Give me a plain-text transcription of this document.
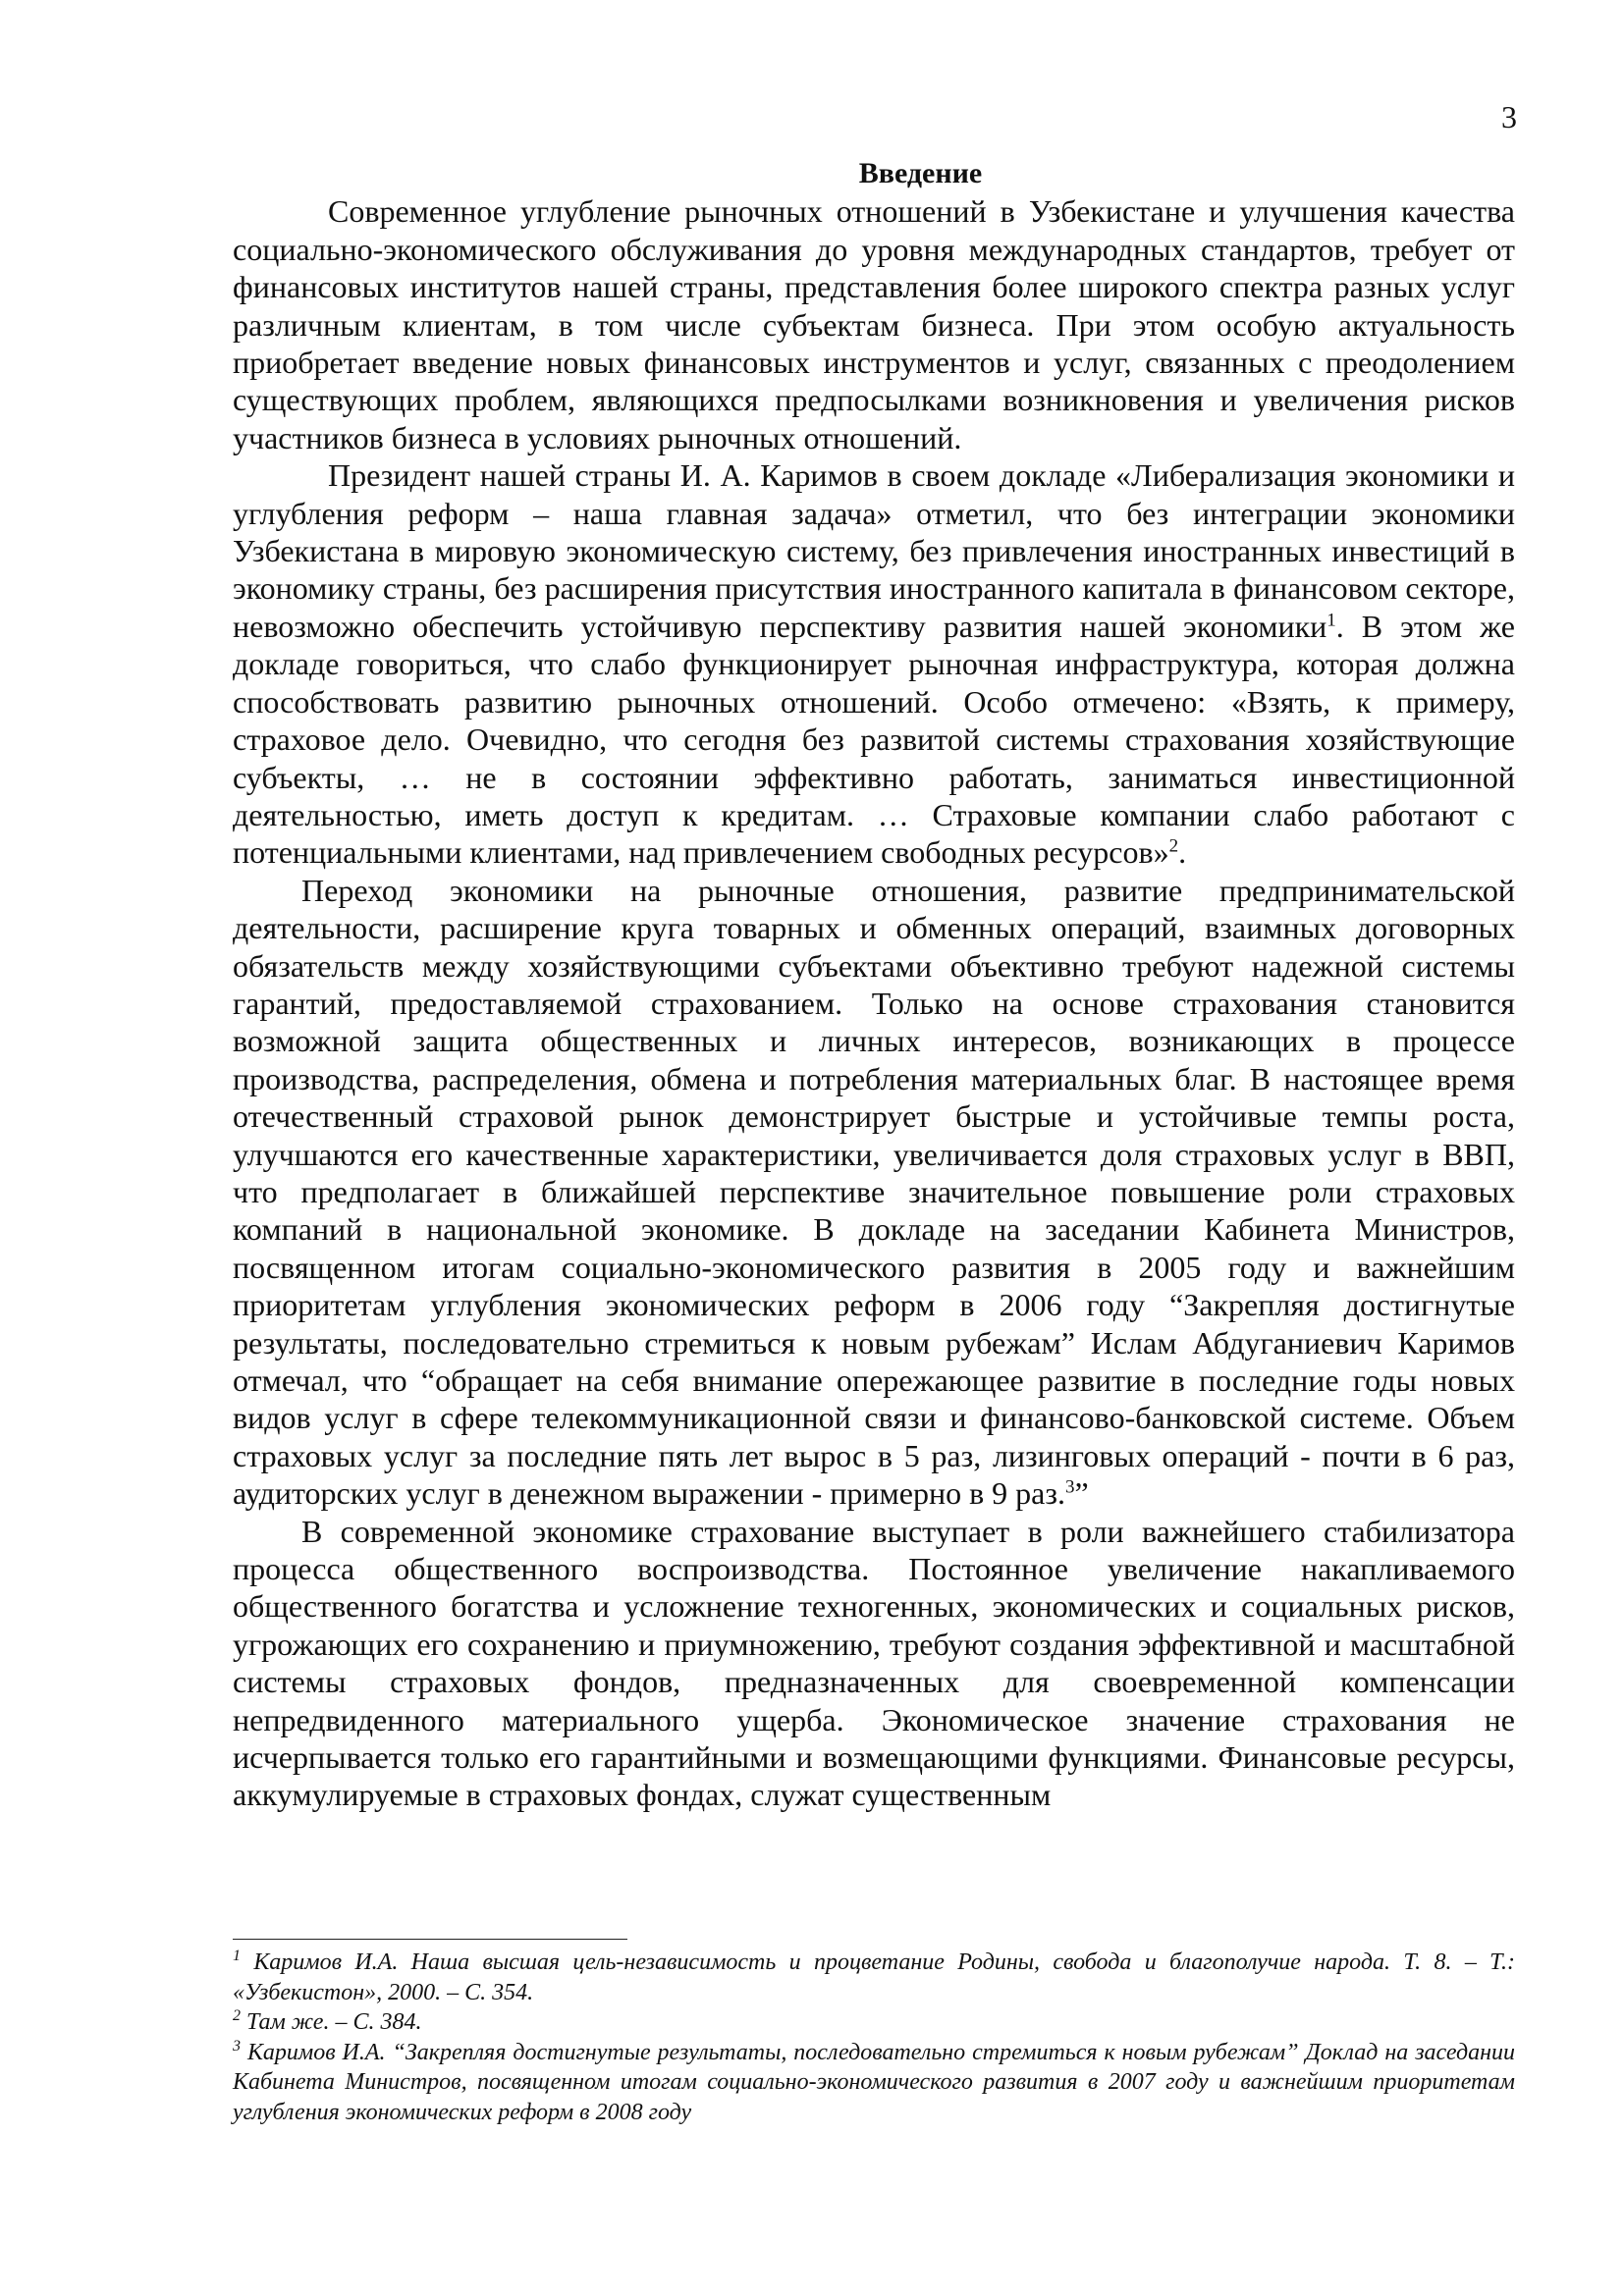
3
Введение

Современное углубление рыночных отношений в Узбекистане и улучшения качества социально-экономического обслуживания до уровня международных стандартов, требует от финансовых институтов нашей страны, представления более широкого спектра разных услуг различным клиентам, в том числе субъектам бизнеса. При этом особую актуальность приобретает введение новых финансовых инструментов и услуг, связанных с преодолением существующих проблем, являющихся предпосылками возникновения и увеличения рисков участников бизнеса в условиях рыночных отношений.

Президент нашей страны И. А. Каримов в своем докладе «Либерализация экономики и углубления реформ – наша главная задача» отметил, что без интеграции экономики Узбекистана в мировую экономическую систему, без привлечения иностранных инвестиций в экономику страны, без расширения присутствия иностранного капитала в финансовом секторе, невозможно обеспечить устойчивую перспективу развития нашей экономики$^1$. В этом же докладе говориться, что слабо функционирует рыночная инфраструктура, которая должна способствовать развитию рыночных отношений. Особо отмечено: «Взять, к примеру, страховое дело. Очевидно, что сегодня без развитой системы страхования хозяйствующие субъекты, … не в состоянии эффективно работать, заниматься инвестиционной деятельностью, иметь доступ к кредитам. … Страховые компании слабо работают с потенциальными клиентами, над привлечением свободных ресурсов»$^2$.

Переход экономики на рыночные отношения, развитие предпринимательской деятельности, расширение круга товарных и обменных операций, взаимных договорных обязательств между хозяйствующими субъектами объективно требуют надежной системы гарантий, предоставляемой страхованием. Только на основе страхования становится возможной защита общественных и личных интересов, возникающих в процессе производства, распределения, обмена и потребления материальных благ. В настоящее время отечественный страховой рынок демонстрирует быстрые и устойчивые темпы роста, улучшаются его качественные характеристики, увеличивается доля страховых услуг в ВВП, что предполагает в ближайшей перспективе значительное повышение роли страховых компаний в национальной экономике. В докладе на заседании Кабинета Министров, посвященном итогам социально-экономического развития в 2005 году и важнейшим приоритетам углубления экономических реформ в 2006 году “Закрепляя достигнутые результаты, последовательно стремиться к новым рубежам” Ислам Абдуганиевич Каримов отмечал, что “обращает на себя внимание опережающее развитие в последние годы новых видов услуг в сфере телекоммуникационной связи и финансово-банковской системе. Объем страховых услуг за последние пять лет вырос в 5 раз, лизинговых операций - почти в 6 раз, аудиторских услуг в денежном выражении - примерно в 9 раз.$^3$”

В современной экономике страхование выступает в роли важнейшего стабилизатора процесса общественного воспроизводства. Постоянное увеличение накапливаемого общественного богатства и усложнение техногенных, экономических и социальных рисков, угрожающих его сохранению и приумножению, требуют создания эффективной и масштабной системы страховых фондов, предназначенных для своевременной компенсации непредвиденного материального ущерба. Экономическое значение страхования не исчерпывается только его гарантийными и возмещающими функциями. Финансовые ресурсы, аккумулируемые в страховых фондах, служат существенным

$^1$ Каримов И.А. Наша высшая цель-независимость и процветание Родины, свобода и благополучие народа. Т. 8. – Т.: «Узбекистон», 2000. – С. 354.

$^2$ Там же. – С. 384.

$^3$ Каримов И.А. “Закрепляя достигнутые результаты, последовательно стремиться к новым рубежам” Доклад на заседании Кабинета Министров, посвященном итогам социально-экономического развития в 2007 году и важнейшим приоритетам углубления экономических реформ в 2008 году
